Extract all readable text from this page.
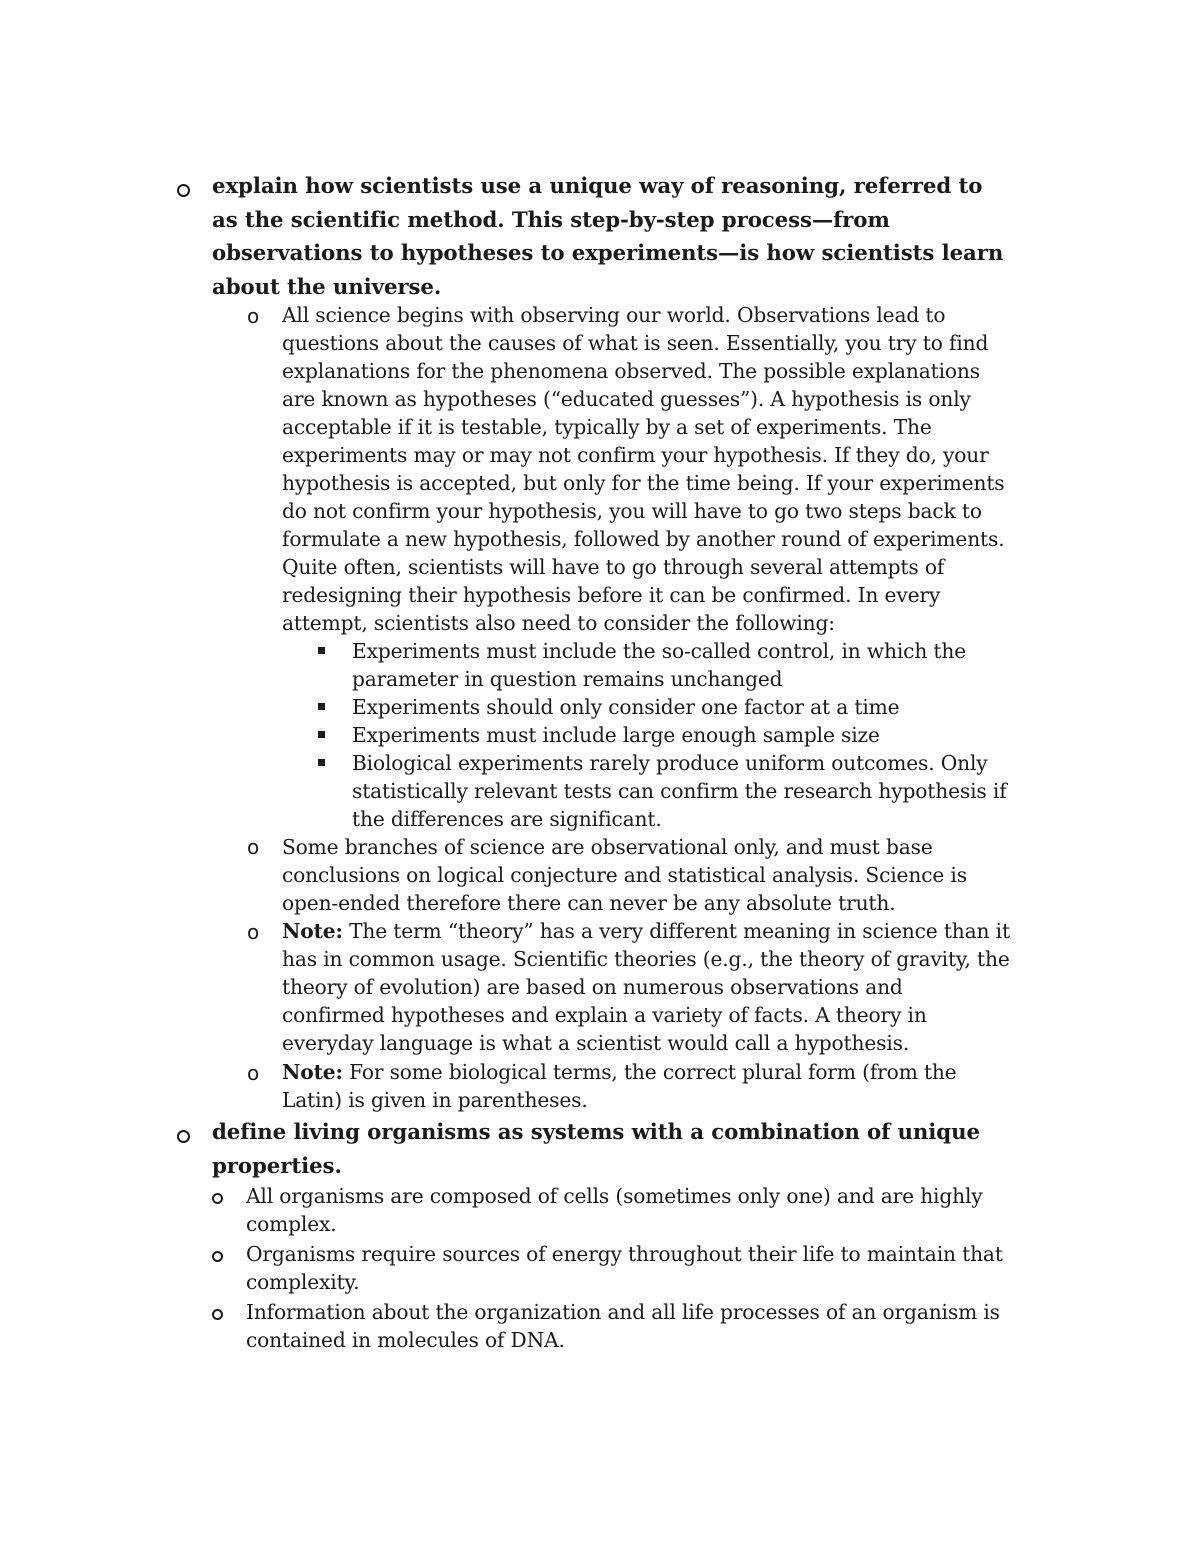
explain how scientists use a unique way of reasoning, referred to
as the scientific method. This step-by-step process—from
observations to hypotheses to experiments—is how scientists learn
about the universe.
o All science begins with observing our world. Observations lead to
questions about the causes of what is seen. Essentially, you try to find
explanations for the phenomena observed. The possible explanations
are known as hypotheses (“educated guesses”). A hypothesis is only
acceptable if it is testable, typically by a set of experiments. The
experiments may or may not confirm your hypothesis. If they do, your
hypothesis is accepted, but only for the time being. If your experiments
do not confirm your hypothesis, you will have to go two steps back to
formulate a new hypothesis, followed by another round of experiments.
Quite often, scientists will have to go through several attempts of
redesigning their hypothesis before it can be confirmed. In every
attempt, scientists also need to consider the following:
Experiments must include the so-called control, in which the
parameter in question remains unchanged
Experiments should only consider one factor at a time
Experiments must include large enough sample size
Biological experiments rarely produce uniform outcomes. Only
statistically relevant tests can confirm the research hypothesis if
the differences are significant.
o Some branches of science are observational only, and must base
conclusions on logical conjecture and statistical analysis. Science is
open-ended therefore there can never be any absolute truth.
o Note: The term “theory” has a very different meaning in science than it
has in common usage. Scientific theories (e.g., the theory of gravity, the
theory of evolution) are based on numerous observations and
confirmed hypotheses and explain a variety of facts. A theory in
everyday language is what a scientist would call a hypothesis.
o Note: For some biological terms, the correct plural form (from the
Latin) is given in parentheses.
define living organisms as systems with a combination of unique
properties.
All organisms are composed of cells (sometimes only one) and are highly
complex.
Organisms require sources of energy throughout their life to maintain that
complexity.
Information about the organization and all life processes of an organism is
contained in molecules of DNA.
